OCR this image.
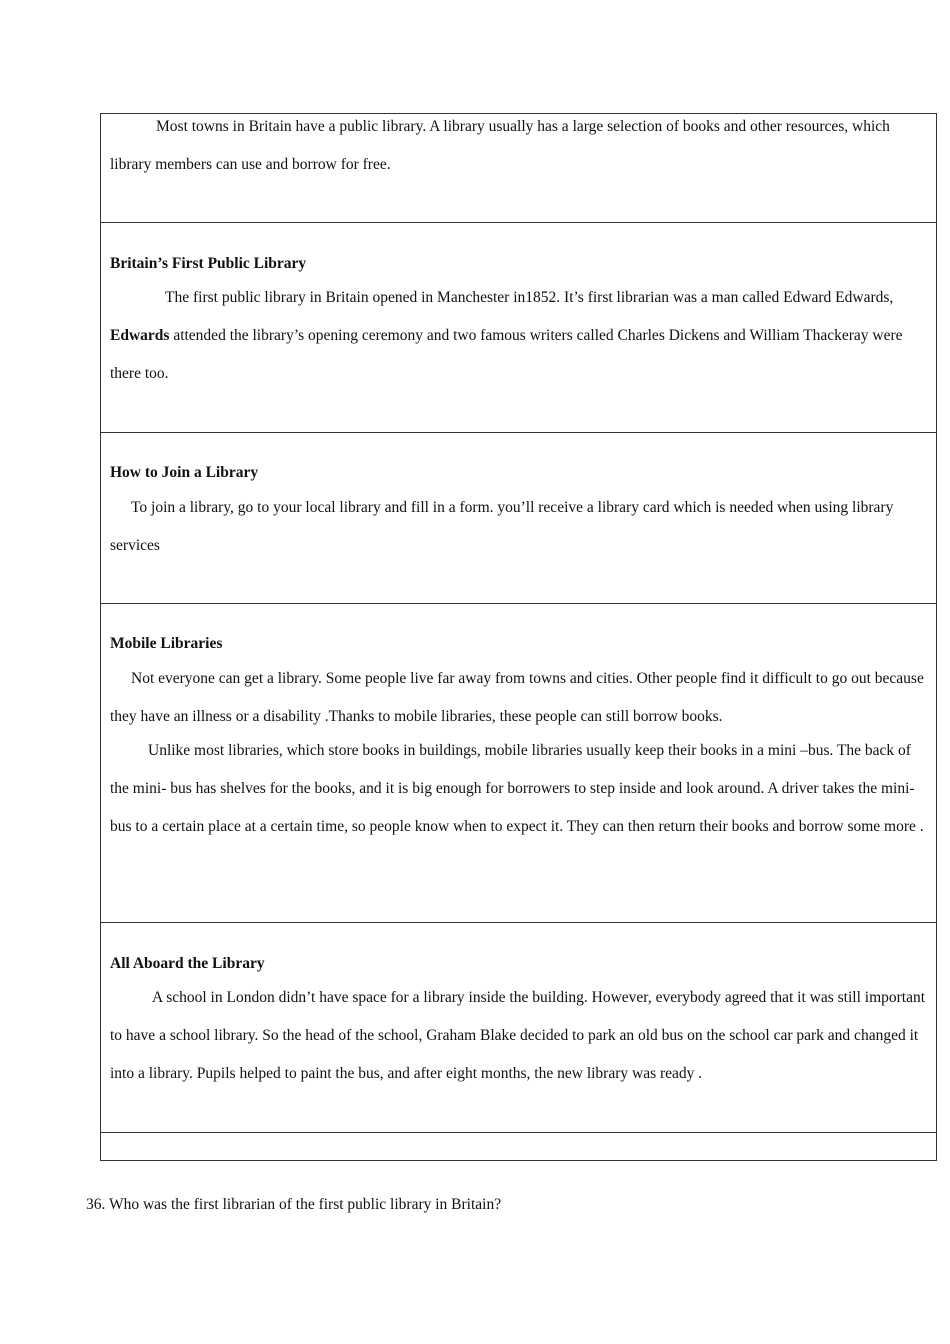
Most towns in Britain have a public library. A library usually has a large selection of books and other resources, which library members can use and borrow for free.
Britain’s First Public Library
The first public library in Britain opened in Manchester in1852. It’s first librarian was a man called Edward Edwards, Edwards attended the library’s opening ceremony and two famous writers called Charles Dickens and William Thackeray were there too.
How to Join a Library
To join a library, go to your local library and fill in a form. you’ll receive a library card which is needed when using library services
Mobile Libraries
Not everyone can get a library. Some people live far away from towns and cities. Other people find it difficult to go out because they have an illness or a disability .Thanks to mobile libraries, these people can still borrow books.
Unlike most libraries, which store books in buildings, mobile libraries usually keep their books in a mini –bus. The back of the mini- bus has shelves for the books, and it is big enough for borrowers to step inside and look around. A driver takes the mini-bus to a certain place at a certain time, so people know when to expect it. They can then return their books and borrow some more .
All Aboard the Library
A school in London didn’t have space for a library inside the building. However, everybody agreed that it was still important to have a school library. So the head of the school, Graham Blake decided to park an old bus on the school car park and changed it into a library. Pupils helped to paint the bus, and after eight months, the new library was ready .
36. Who was the first librarian of the first public library in Britain?
